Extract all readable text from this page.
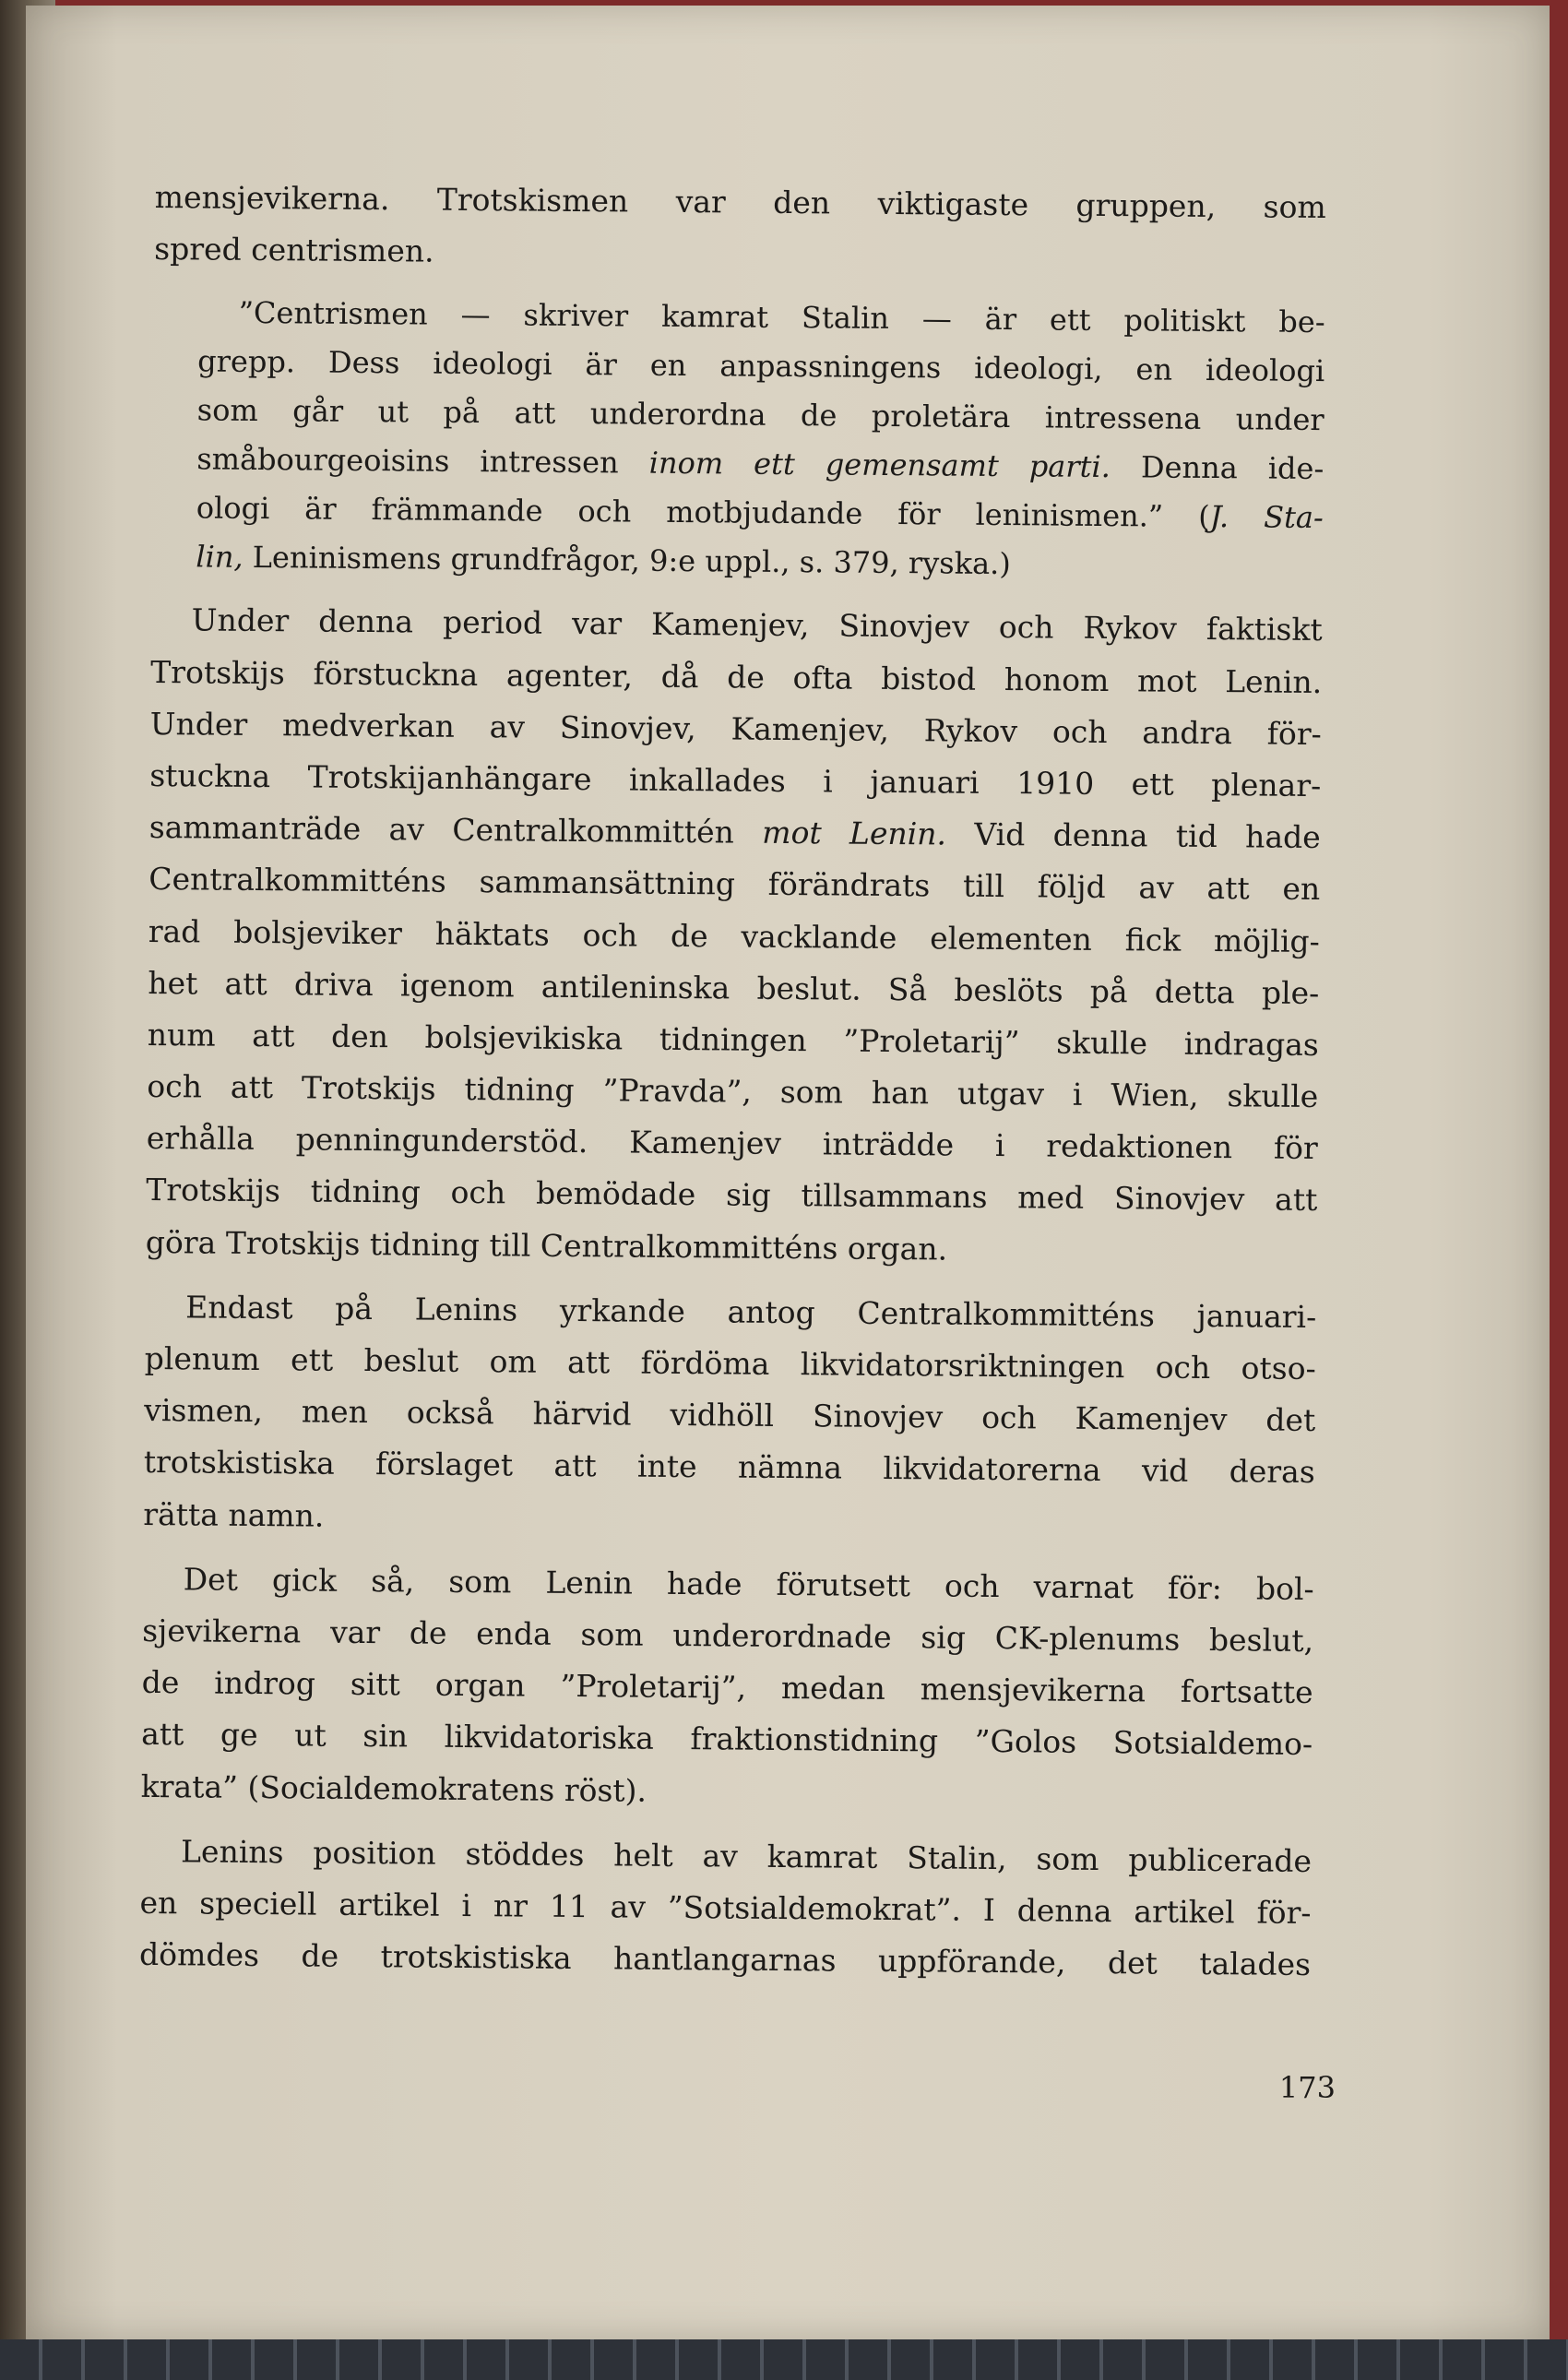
mensjevikerna. Trotskismen var den viktigaste gruppen, som
spred centrismen.
”Centrismen — skriver kamrat Stalin — är ett politiskt be-
grepp. Dess ideologi är en anpassningens ideologi, en ideologi
som går ut på att underordna de proletära intressena under
småbourgeoisins intressen inom ett gemensamt parti. Denna ide-
ologi är främmande och motbjudande för leninismen.” (J. Sta-
lin, Leninismens grundfrågor, 9:e uppl., s. 379, ryska.)
Under denna period var Kamenjev, Sinovjev och Rykov faktiskt
Trotskijs förstuckna agenter, då de ofta bistod honom mot Lenin.
Under medverkan av Sinovjev, Kamenjev, Rykov och andra för-
stuckna Trotskijanhängare inkallades i januari 1910 ett plenar-
sammanträde av Centralkommittén mot Lenin. Vid denna tid hade
Centralkommitténs sammansättning förändrats till följd av att en
rad bolsjeviker häktats och de vacklande elementen fick möjlig-
het att driva igenom antileninska beslut. Så beslöts på detta ple-
num att den bolsjevikiska tidningen ”Proletarij” skulle indragas
och att Trotskijs tidning ”Pravda”, som han utgav i Wien, skulle
erhålla penningunderstöd. Kamenjev inträdde i redaktionen för
Trotskijs tidning och bemödade sig tillsammans med Sinovjev att
göra Trotskijs tidning till Centralkommitténs organ.
Endast på Lenins yrkande antog Centralkommitténs januari-
plenum ett beslut om att fördöma likvidatorsriktningen och otso-
vismen, men också härvid vidhöll Sinovjev och Kamenjev det
trotskistiska förslaget att inte nämna likvidatorerna vid deras
rätta namn.
Det gick så, som Lenin hade förutsett och varnat för: bol-
sjevikerna var de enda som underordnade sig CK-plenums beslut,
de indrog sitt organ ”Proletarij”, medan mensjevikerna fortsatte
att ge ut sin likvidatoriska fraktionstidning ”Golos Sotsialdemo-
krata” (Socialdemokratens röst).
Lenins position stöddes helt av kamrat Stalin, som publicerade
en speciell artikel i nr 11 av ”Sotsialdemokrat”. I denna artikel för-
dömdes de trotskistiska hantlangarnas uppförande, det talades
173
